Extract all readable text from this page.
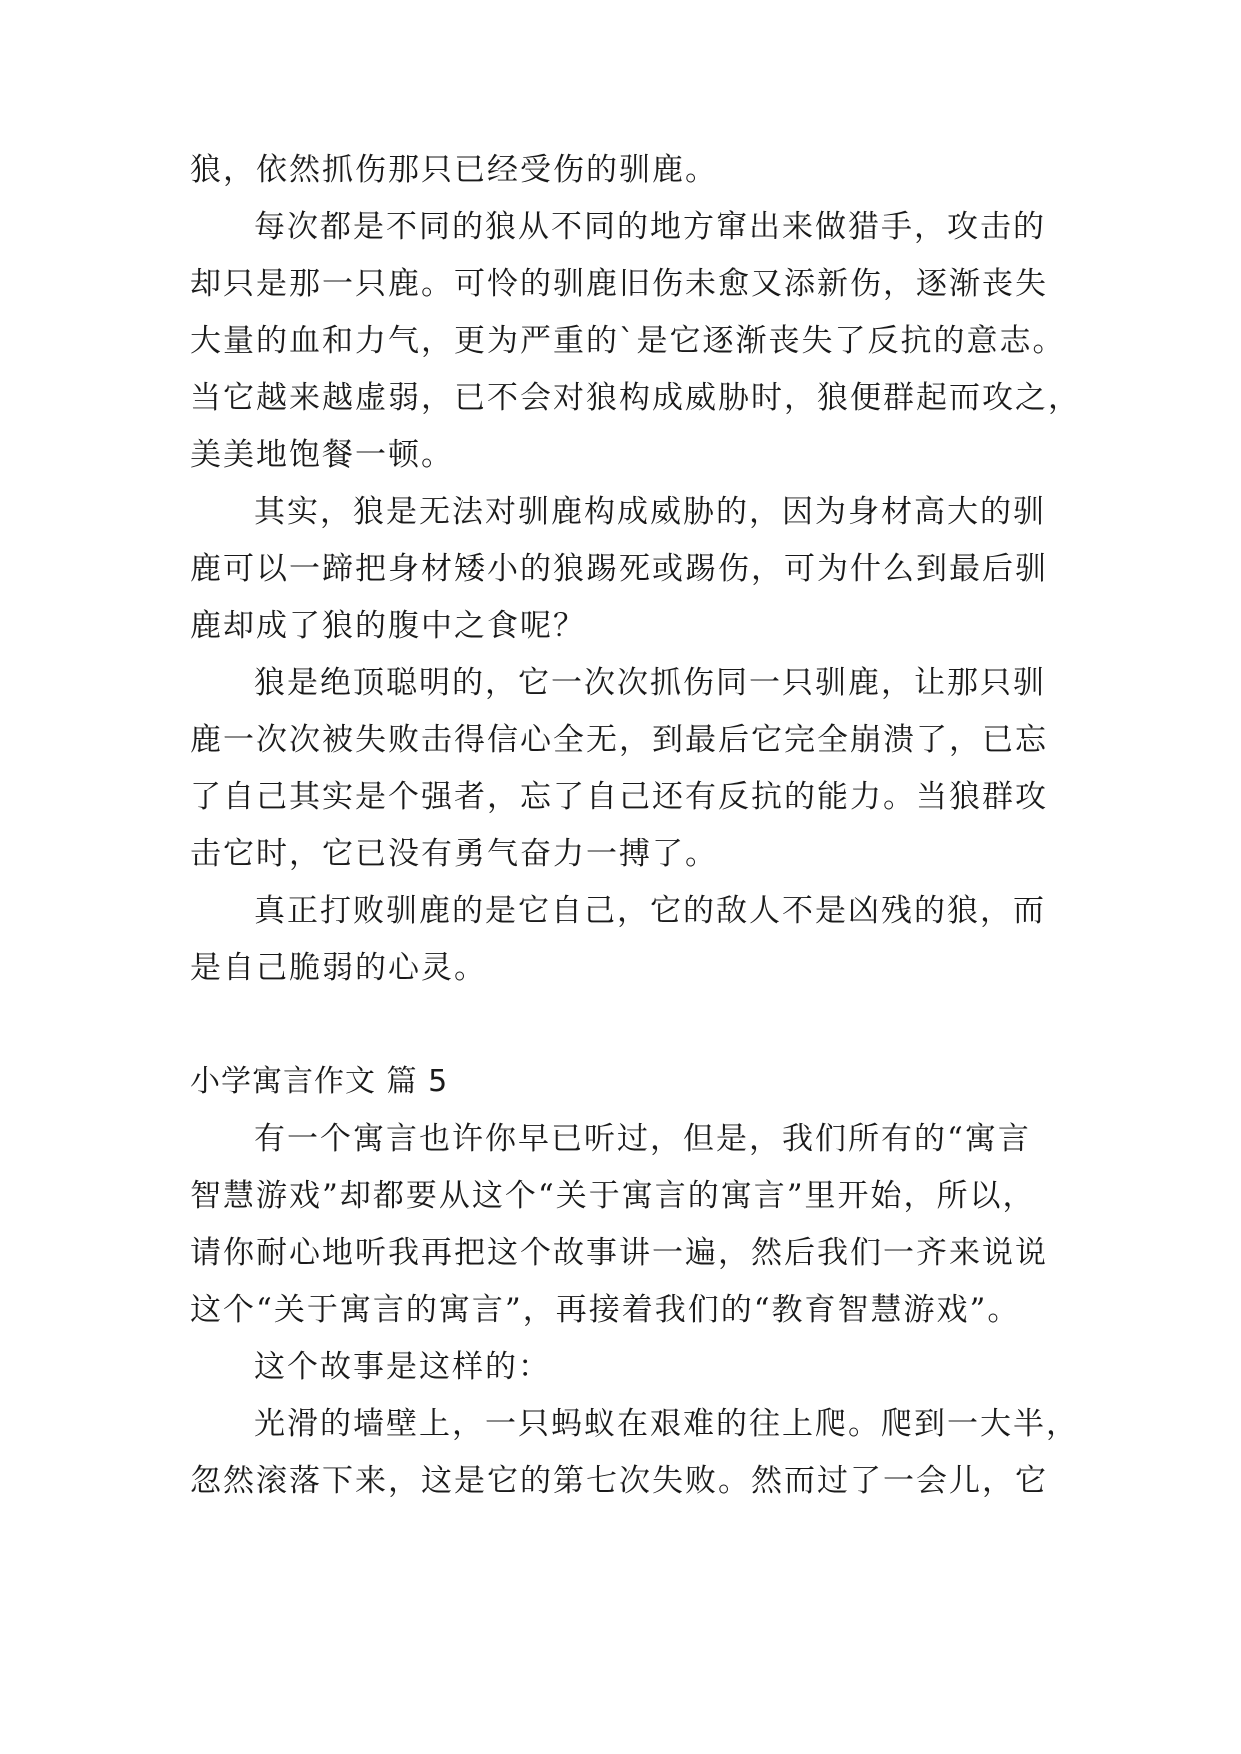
狼，依然抓伤那只已经受伤的驯鹿。
每次都是不同的狼从不同的地方窜出来做猎手，攻击的
却只是那一只鹿。可怜的驯鹿旧伤未愈又添新伤，逐渐丧失
大量的血和力气，更为严重的`是它逐渐丧失了反抗的意志。
当它越来越虚弱，已不会对狼构成威胁时，狼便群起而攻之，
美美地饱餐一顿。
其实，狼是无法对驯鹿构成威胁的，因为身材高大的驯
鹿可以一蹄把身材矮小的狼踢死或踢伤，可为什么到最后驯
鹿却成了狼的腹中之食呢？
狼是绝顶聪明的，它一次次抓伤同一只驯鹿，让那只驯
鹿一次次被失败击得信心全无，到最后它完全崩溃了，已忘
了自己其实是个强者，忘了自己还有反抗的能力。当狼群攻
击它时，它已没有勇气奋力一搏了。
真正打败驯鹿的是它自己，它的敌人不是凶残的狼，而
是自己脆弱的心灵。
小学寓言作文 篇 5
有一个寓言也许你早已听过，但是，我们所有的“寓言
智慧游戏”却都要从这个“关于寓言的寓言”里开始，所以，
请你耐心地听我再把这个故事讲一遍，然后我们一齐来说说
这个“关于寓言的寓言”，再接着我们的“教育智慧游戏”。
这个故事是这样的：
光滑的墙壁上，一只蚂蚁在艰难的往上爬。爬到一大半，
忽然滚落下来，这是它的第七次失败。然而过了一会儿，它
